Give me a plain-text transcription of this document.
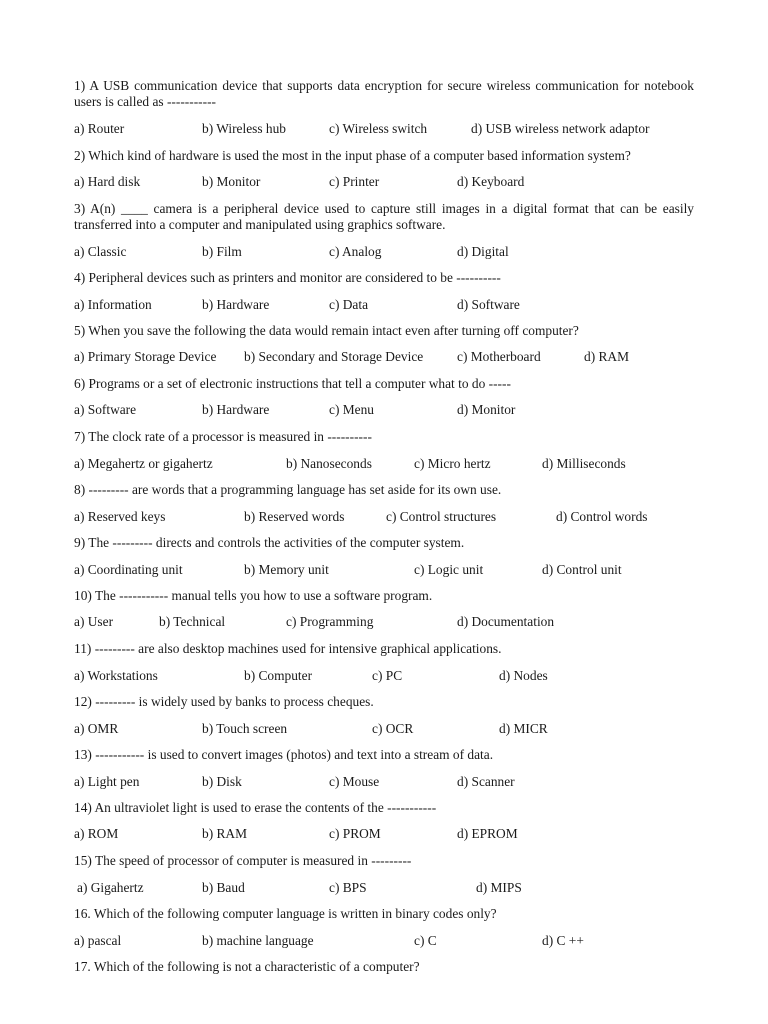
1) A USB communication device that supports data encryption for secure wireless communication for notebook users is called as -----------
a) Router	b) Wireless hub	c) Wireless switch	d) USB wireless network adaptor
2) Which kind of hardware is used the most in the input phase of a computer based information system?
a) Hard disk	b) Monitor	c) Printer	d) Keyboard
3) A(n) ____ camera is a peripheral device used to capture still images in a digital format that can be easily transferred into a computer and manipulated using graphics software.
a) Classic	b) Film	c) Analog	d) Digital
4) Peripheral devices such as printers and monitor are considered to be ----------
a) Information	b) Hardware	c) Data	d) Software
5) When you save the following the data would remain intact even after turning off computer?
a) Primary Storage Device b) Secondary and Storage Device	c) Motherboard	d) RAM
6) Programs or a set of electronic instructions that tell a computer what to do -----
a) Software	b) Hardware	c) Menu	d) Monitor
7) The clock rate of a processor is measured in ----------
a) Megahertz or gigahertz	b) Nanoseconds	c) Micro hertz	d) Milliseconds
8) --------- are words that a programming language has set aside for its own use.
a) Reserved keys	b) Reserved words	c) Control structures	d) Control words
9) The --------- directs and controls the activities of the computer system.
a) Coordinating unit	b) Memory unit	c) Logic unit	d) Control unit
10) The ----------- manual tells you how to use a software program.
a) User	b) Technical	c) Programming	d) Documentation
11) --------- are also desktop machines used for intensive graphical applications.
a) Workstations	b) Computer	c) PC	d) Nodes
12) --------- is widely used by banks to process cheques.
a) OMR	b) Touch screen	c) OCR	d) MICR
13) ----------- is used to convert images (photos) and text into a stream of data.
a) Light pen	b) Disk	c) Mouse	d) Scanner
14) An ultraviolet light is used to erase the contents of the -----------
a) ROM	b) RAM	c) PROM	d) EPROM
15) The speed of processor of computer is measured in ---------
a) Gigahertz	b) Baud	c) BPS	d) MIPS
16. Which of the following computer language is written in binary codes only?
a) pascal	b) machine language	c) C	d) C ++
17. Which of the following is not a characteristic of a computer?
